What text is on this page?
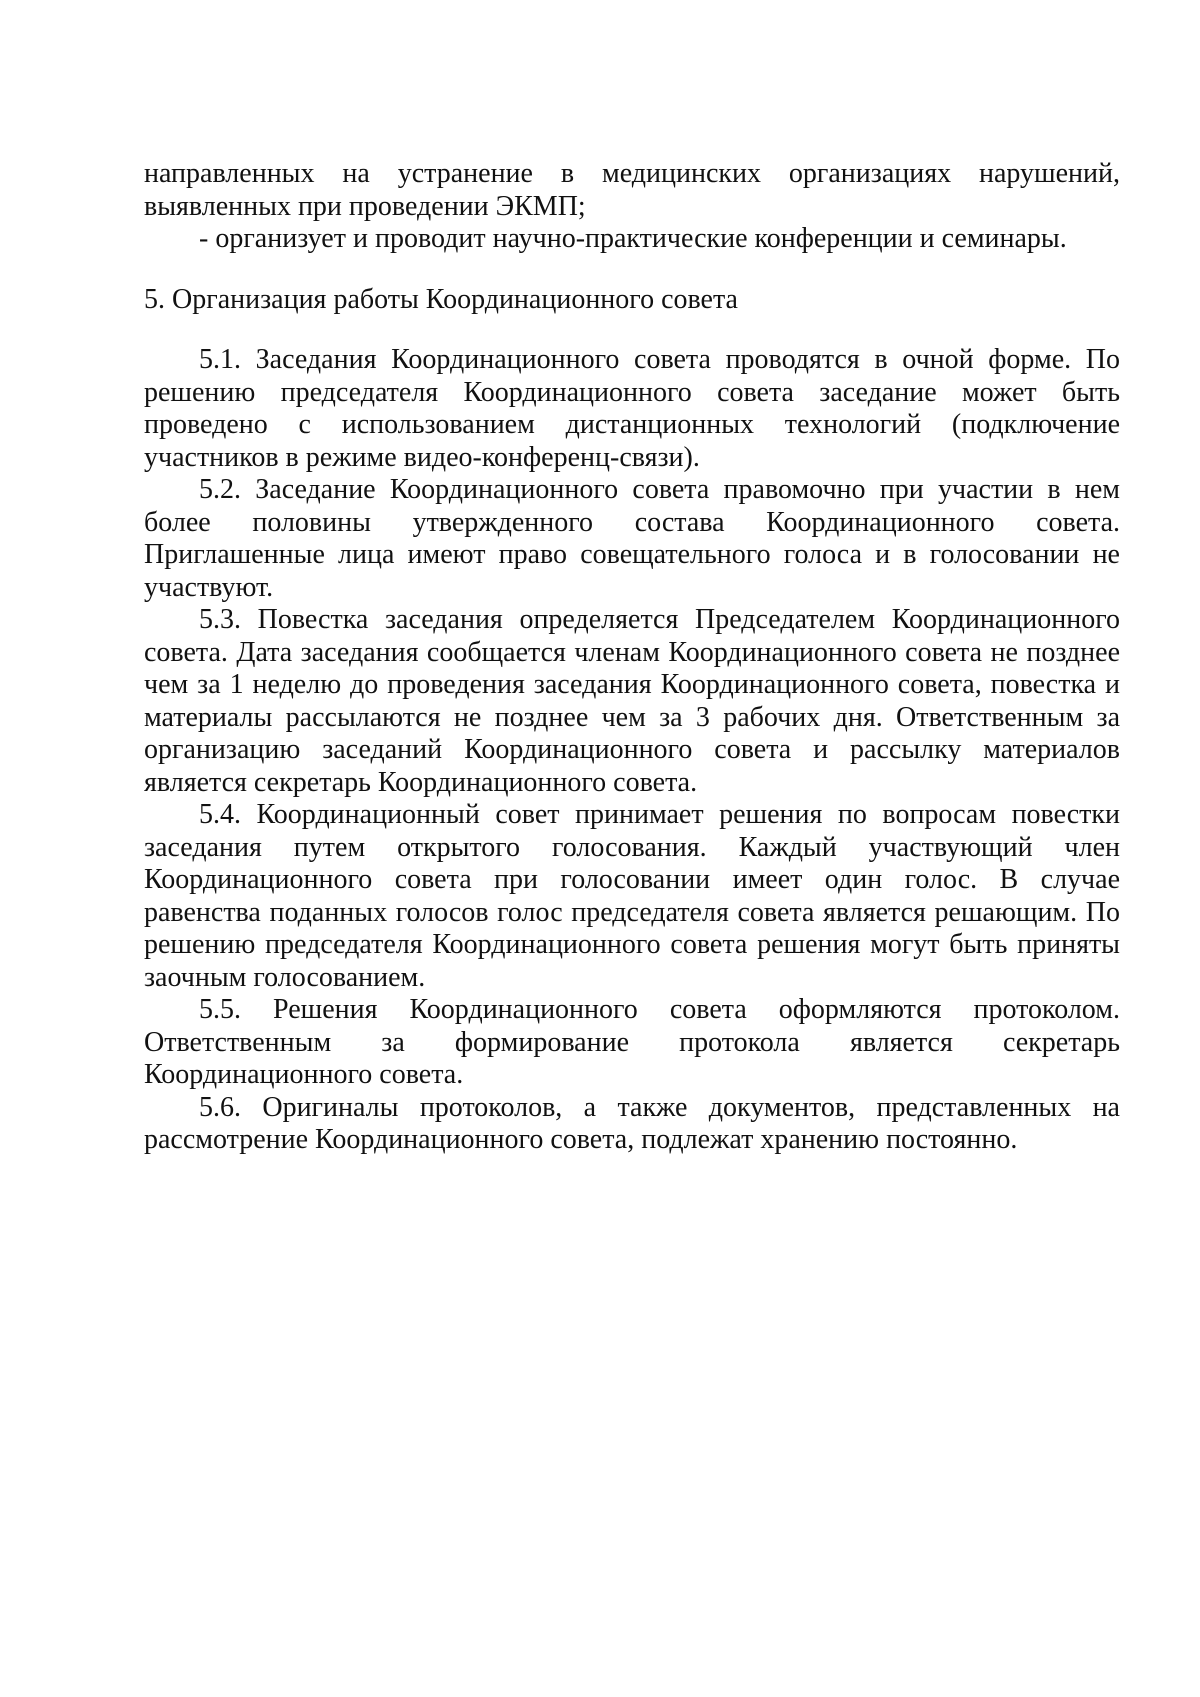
направленных на устранение в медицинских организациях нарушений, выявленных при проведении ЭКМП;

- организует и проводит научно-практические конференции и семинары.

5. Организация работы Координационного совета

5.1. Заседания Координационного совета проводятся в очной форме. По решению председателя Координационного совета заседание может быть проведено с использованием дистанционных технологий (подключение участников в режиме видео-конференц-связи).

5.2. Заседание Координационного совета правомочно при участии в нем более половины утвержденного состава Координационного совета. Приглашенные лица имеют право совещательного голоса и в голосовании не участвуют.

5.3. Повестка заседания определяется Председателем Координационного совета. Дата заседания сообщается членам Координационного совета не позднее чем за 1 неделю до проведения заседания Координационного совета, повестка и материалы рассылаются не позднее чем за 3 рабочих дня. Ответственным за организацию заседаний Координационного совета и рассылку материалов является секретарь Координационного совета.

5.4. Координационный совет принимает решения по вопросам повестки заседания путем открытого голосования. Каждый участвующий член Координационного совета при голосовании имеет один голос. В случае равенства поданных голосов голос председателя совета является решающим. По решению председателя Координационного совета решения могут быть приняты заочным голосованием.

5.5. Решения Координационного совета оформляются протоколом. Ответственным за формирование протокола является секретарь Координационного совета.

5.6. Оригиналы протоколов, а также документов, представленных на рассмотрение Координационного совета, подлежат хранению постоянно.
